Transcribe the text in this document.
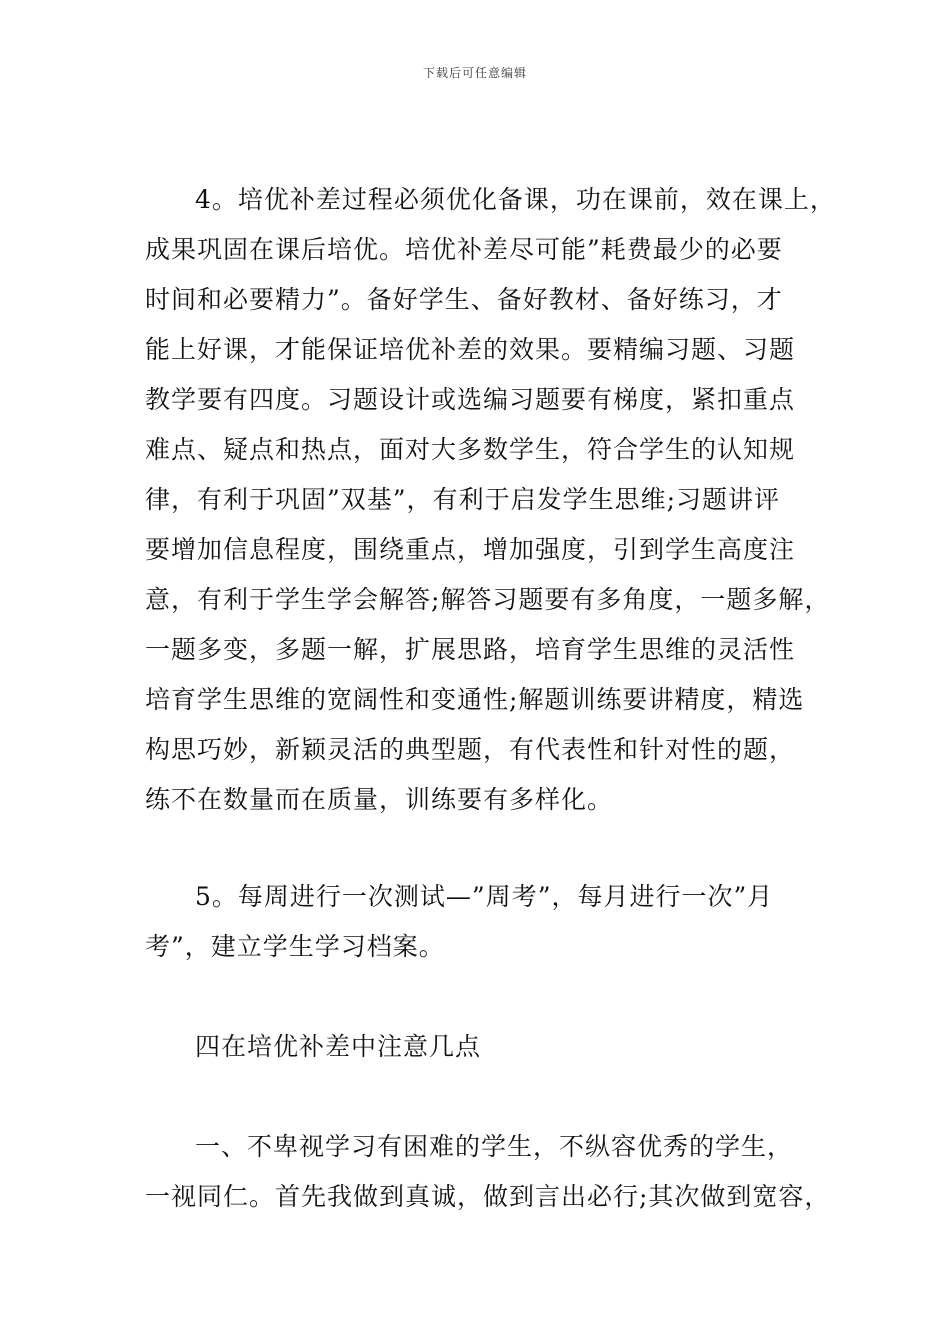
下载后可任意编辑
4。培优补差过程必须优化备课，功在课前，效在课上，
成果巩固在课后培优。培优补差尽可能”耗费最少的必要
时间和必要精力”。备好学生、备好教材、备好练习，才
能上好课，才能保证培优补差的效果。要精编习题、习题
教学要有四度。习题设计或选编习题要有梯度，紧扣重点
难点、疑点和热点，面对大多数学生，符合学生的认知规
律，有利于巩固”双基”，有利于启发学生思维;习题讲评
要增加信息程度，围绕重点，增加强度，引到学生高度注
意，有利于学生学会解答;解答习题要有多角度，一题多解，
一题多变，多题一解，扩展思路，培育学生思维的灵活性
培育学生思维的宽阔性和变通性;解题训练要讲精度，精选
构思巧妙，新颖灵活的典型题，有代表性和针对性的题，
练不在数量而在质量，训练要有多样化。
5。每周进行一次测试—”周考”，每月进行一次”月
考”，建立学生学习档案。
四在培优补差中注意几点
一、不卑视学习有困难的学生，不纵容优秀的学生，
一视同仁。首先我做到真诚，做到言出必行;其次做到宽容，
